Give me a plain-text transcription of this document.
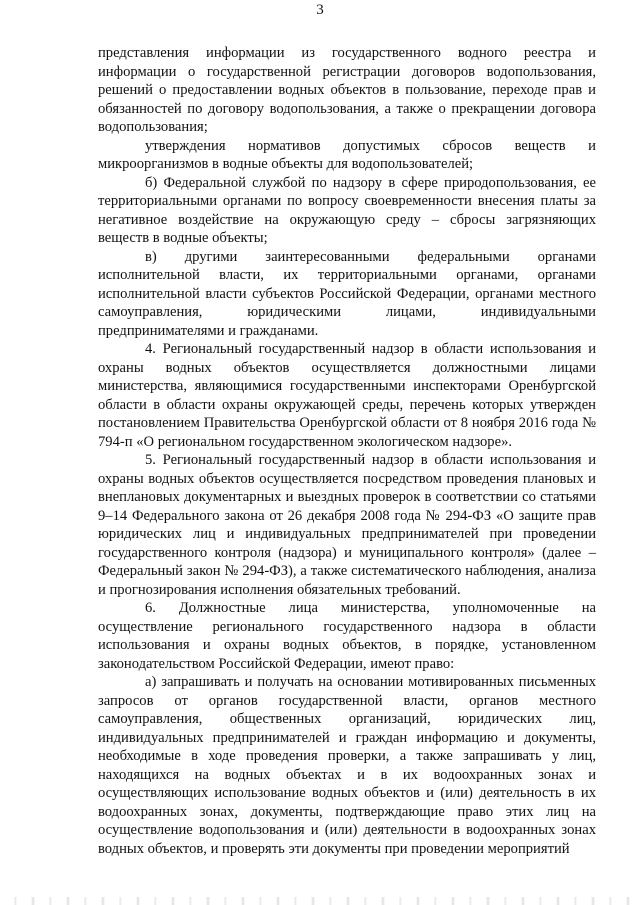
3

представления информации из государственного водного реестра и информации о государственной регистрации договоров водопользования, решений о предоставлении водных объектов в пользование, переходе прав и обязанностей по договору водопользования, а также о прекращении договора водопользования;

утверждения нормативов допустимых сбросов веществ и микроорганизмов в водные объекты для водопользователей;

б) Федеральной службой по надзору в сфере природопользования, ее территориальными органами по вопросу своевременности внесения платы за негативное воздействие на окружающую среду – сбросы загрязняющих веществ в водные объекты;

в) другими заинтересованными федеральными органами исполнительной власти, их территориальными органами, органами исполнительной власти субъектов Российской Федерации, органами местного самоуправления, юридическими лицами, индивидуальными предпринимателями и гражданами.

4. Региональный государственный надзор в области использования и охраны водных объектов осуществляется должностными лицами министерства, являющимися государственными инспекторами Оренбургской области в области охраны окружающей среды, перечень которых утвержден постановлением Правительства Оренбургской области от 8 ноября 2016 года № 794-п «О региональном государственном экологическом надзоре».

5. Региональный государственный надзор в области использования и охраны водных объектов осуществляется посредством проведения плановых и внеплановых документарных и выездных проверок в соответствии со статьями 9–14 Федерального закона от 26 декабря 2008 года № 294-ФЗ «О защите прав юридических лиц и индивидуальных предпринимателей при проведении государственного контроля (надзора) и муниципального контроля» (далее – Федеральный закон № 294-ФЗ), а также систематического наблюдения, анализа и прогнозирования исполнения обязательных требований.

6. Должностные лица министерства, уполномоченные на осуществление регионального государственного надзора в области использования и охраны водных объектов, в порядке, установленном законодательством Российской Федерации, имеют право:

а) запрашивать и получать на основании мотивированных письменных запросов от органов государственной власти, органов местного самоуправления, общественных организаций, юридических лиц, индивидуальных предпринимателей и граждан информацию и документы, необходимые в ходе проведения проверки, а также запрашивать у лиц, находящихся на водных объектах и в их водоохранных зонах и осуществляющих использование водных объектов и (или) деятельность в их водоохранных зонах, документы, подтверждающие право этих лиц на осуществление водопользования и (или) деятельности в водоохранных зонах водных объектов, и проверять эти документы при проведении мероприятий
